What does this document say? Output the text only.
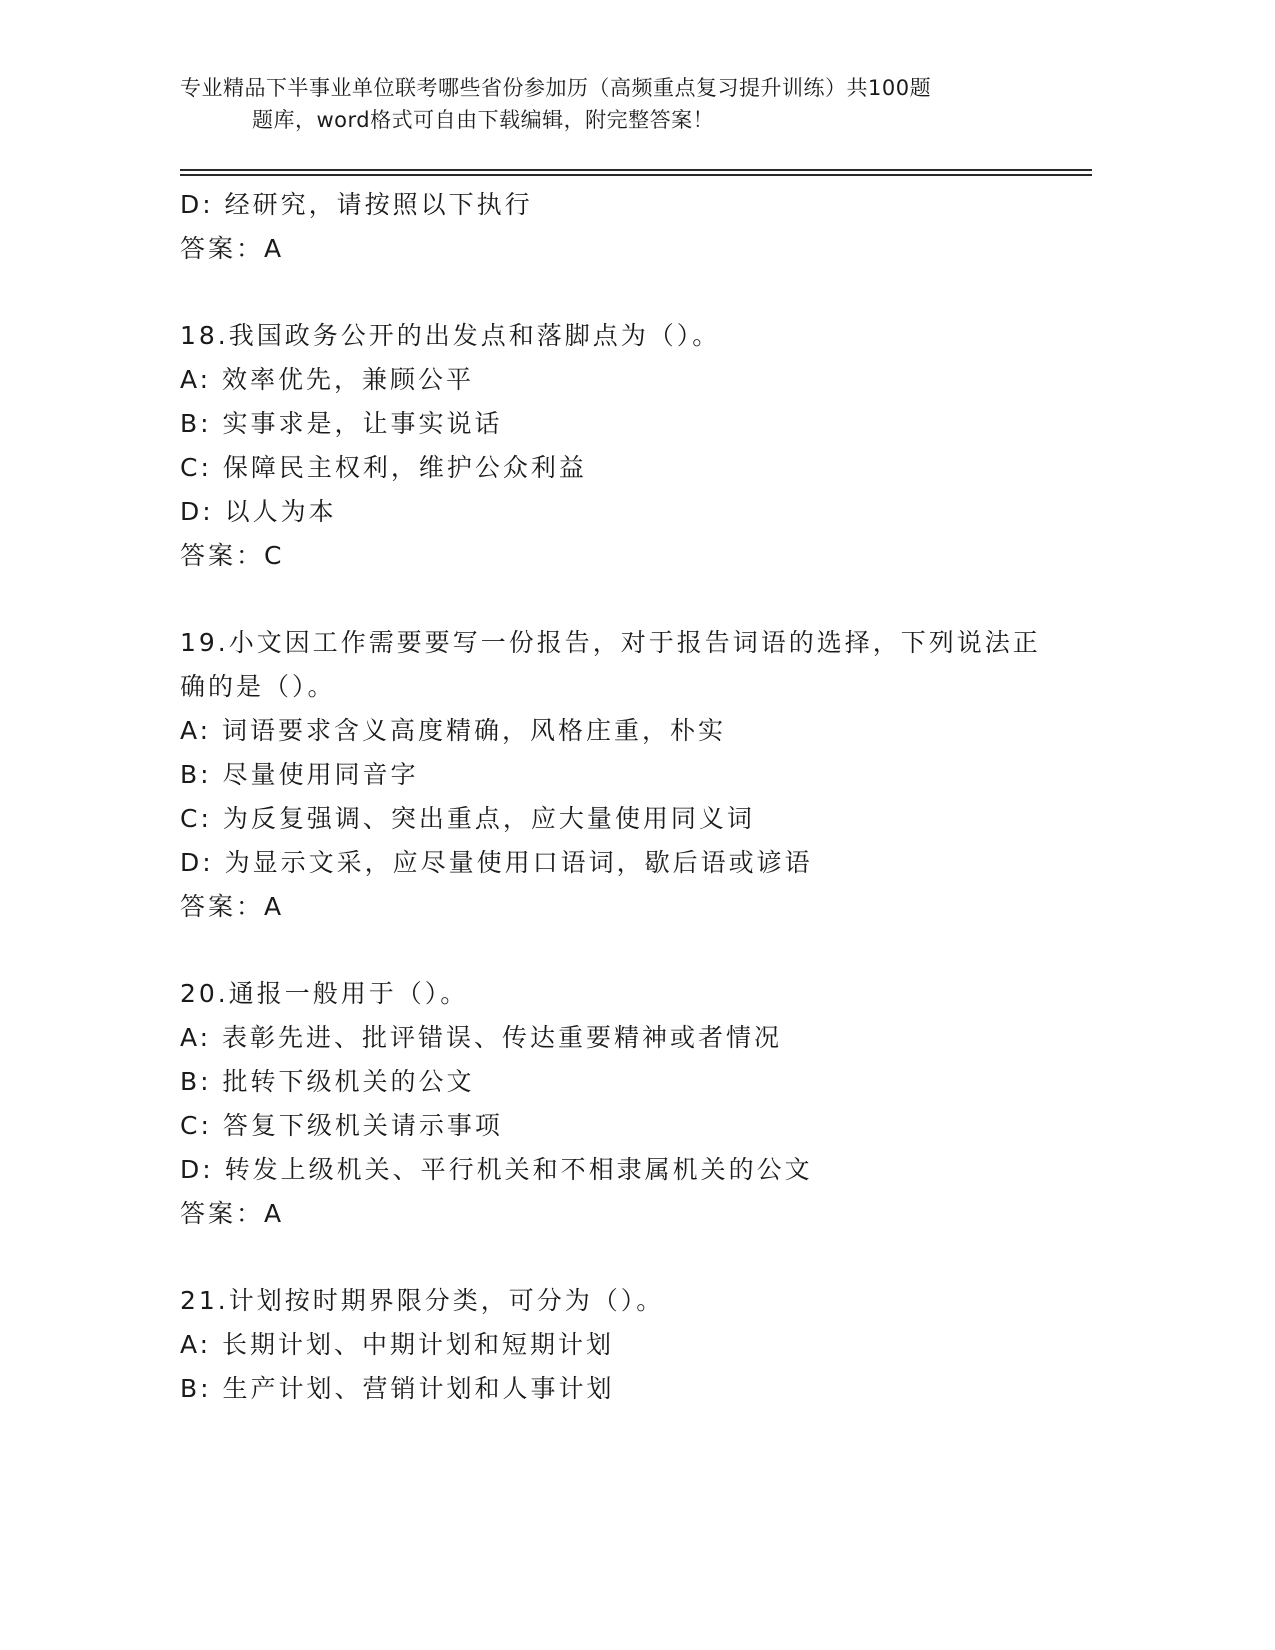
专业精品下半事业单位联考哪些省份参加历（高频重点复习提升训练）共100题
题库，word格式可自由下载编辑，附完整答案！
D: 经研究，请按照以下执行
答案：A
18.我国政务公开的出发点和落脚点为（）。
A: 效率优先，兼顾公平
B: 实事求是，让事实说话
C: 保障民主权利，维护公众利益
D: 以人为本
答案：C
19.小文因工作需要要写一份报告，对于报告词语的选择，下列说法正
确的是（）。
A: 词语要求含义高度精确，风格庄重，朴实
B: 尽量使用同音字
C: 为反复强调、突出重点，应大量使用同义词
D: 为显示文采，应尽量使用口语词，歇后语或谚语
答案：A
20.通报一般用于（）。
A: 表彰先进、批评错误、传达重要精神或者情况
B: 批转下级机关的公文
C: 答复下级机关请示事项
D: 转发上级机关、平行机关和不相隶属机关的公文
答案：A
21.计划按时期界限分类，可分为（）。
A: 长期计划、中期计划和短期计划
B: 生产计划、营销计划和人事计划
